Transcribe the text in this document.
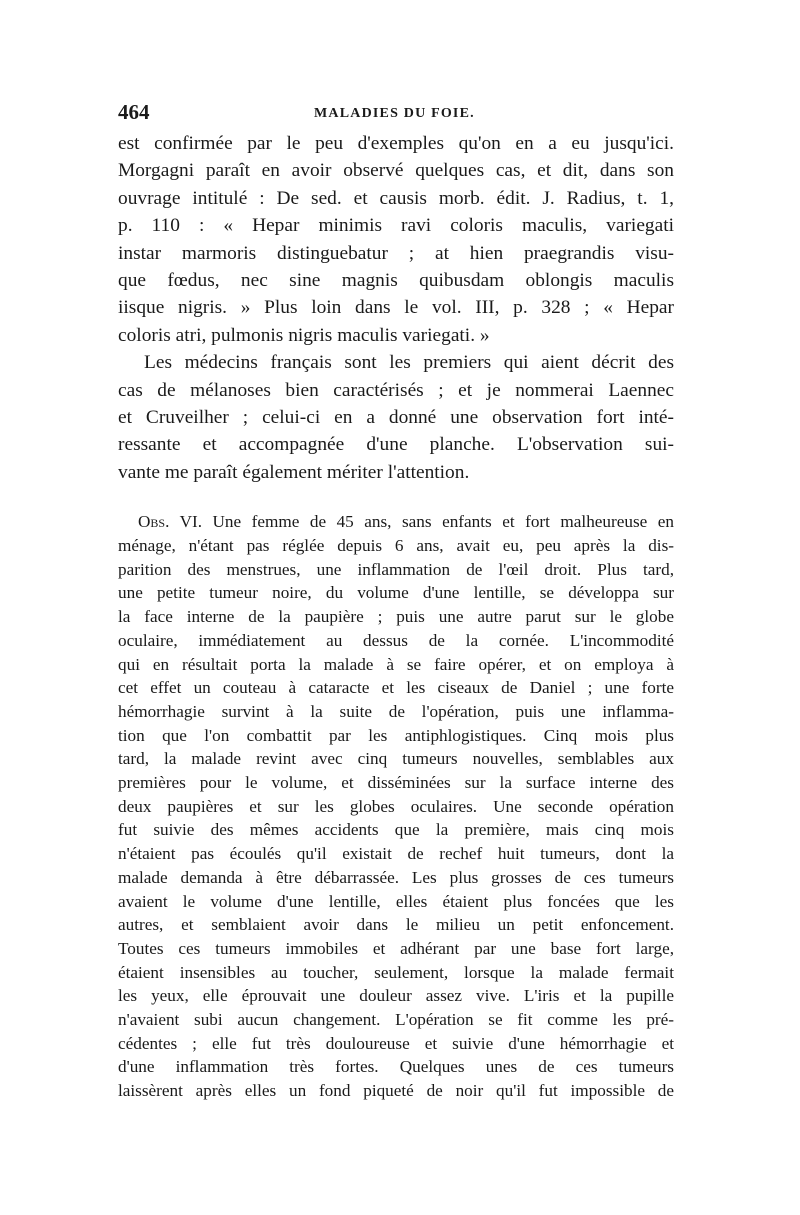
464	MALADIES DU FOIE.
est confirmée par le peu d'exemples qu'on en a eu jusqu'ici.
Morgagni paraît en avoir observé quelques cas, et dit, dans son
ouvrage intitulé : De sed. et causis morb. édit. J. Radius, t. 1,
p. 110 : « Hepar minimis ravi coloris maculis, variegati
instar marmoris distinguebatur ; at hien praegrandis visu-
que fœdus, nec sine magnis quibusdam oblongis maculis
iisque nigris. » Plus loin dans le vol. III, p. 328 ; « Hepar
coloris atri, pulmonis nigris maculis variegati. »
Les médecins français sont les premiers qui aient décrit des
cas de mélanoses bien caractérisés ; et je nommerai Laennec
et Cruveilher ; celui-ci en a donné une observation fort inté-
ressante et accompagnée d'une planche. L'observation sui-
vante me paraît également mériter l'attention.
Obs. VI. Une femme de 45 ans, sans enfants et fort malheureuse en
ménage, n'étant pas réglée depuis 6 ans, avait eu, peu après la dis-
parition des menstrues, une inflammation de l'œil droit. Plus tard,
une petite tumeur noire, du volume d'une lentille, se développa sur
la face interne de la paupière ; puis une autre parut sur le globe
oculaire, immédiatement au dessus de la cornée. L'incommodité
qui en résultait porta la malade à se faire opérer, et on employa à
cet effet un couteau à cataracte et les ciseaux de Daniel ; une forte
hémorrhagie survint à la suite de l'opération, puis une inflamma-
tion que l'on combattit par les antiphlogistiques. Cinq mois plus
tard, la malade revint avec cinq tumeurs nouvelles, semblables aux
premières pour le volume, et disséminées sur la surface interne des
deux paupières et sur les globes oculaires. Une seconde opération
fut suivie des mêmes accidents que la première, mais cinq mois
n'étaient pas écoulés qu'il existait de rechef huit tumeurs, dont la
malade demanda à être débarrassée. Les plus grosses de ces tumeurs
avaient le volume d'une lentille, elles étaient plus foncées que les
autres, et semblaient avoir dans le milieu un petit enfoncement.
Toutes ces tumeurs immobiles et adhérant par une base fort large,
étaient insensibles au toucher, seulement, lorsque la malade fermait
les yeux, elle éprouvait une douleur assez vive. L'iris et la pupille
n'avaient subi aucun changement. L'opération se fit comme les pré-
cédentes ; elle fut très douloureuse et suivie d'une hémorrhagie et
d'une inflammation très fortes. Quelques unes de ces tumeurs
laissèrent après elles un fond piqueté de noir qu'il fut impossible de
